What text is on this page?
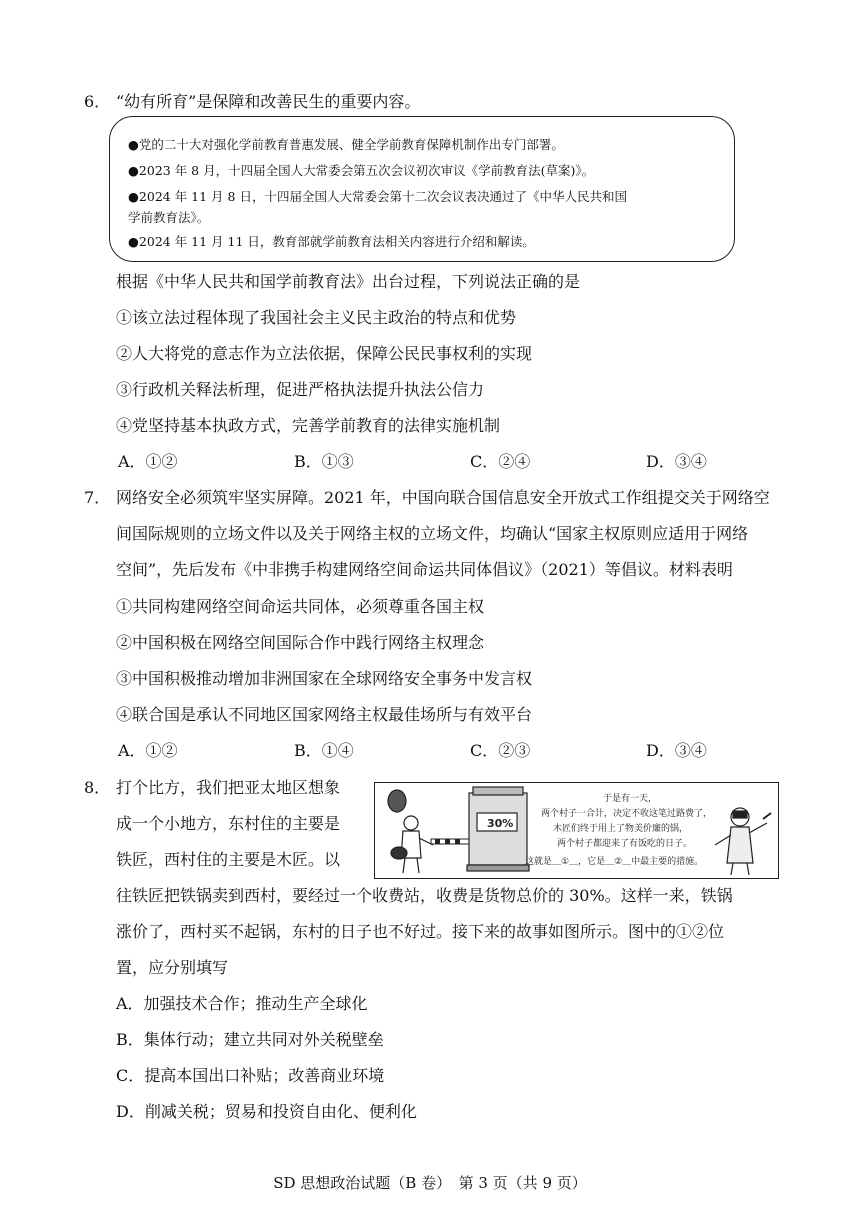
6． “幼有所育”是保障和改善民生的重要内容。
●党的二十大对强化学前教育普惠发展、健全学前教育保障机制作出专门部署。
●2023 年 8 月，十四届全国人大常委会第五次会议初次审议《学前教育法(草案)》。
●2024 年 11 月 8 日，十四届全国人大常委会第十二次会议表决通过了《中华人民共和国
学前教育法》。
●2024 年 11 月 11 日，教育部就学前教育法相关内容进行介绍和解读。
根据《中华人民共和国学前教育法》出台过程，下列说法正确的是
①该立法过程体现了我国社会主义民主政治的特点和优势
②人大将党的意志作为立法依据，保障公民民事权利的实现
③行政机关释法析理，促进严格执法提升执法公信力
④党坚持基本执政方式，完善学前教育的法律实施机制
A．①②	B．①③	C．②④	D．③④
7． 网络安全必须筑牢坚实屏障。2021 年，中国向联合国信息安全开放式工作组提交关于网络空
间国际规则的立场文件以及关于网络主权的立场文件，均确认“国家主权原则应适用于网络
空间”，先后发布《中非携手构建网络空间命运共同体倡议》（2021）等倡议。材料表明
①共同构建网络空间命运共同体，必须尊重各国主权
②中国积极在网络空间国际合作中践行网络主权理念
③中国积极推动增加非洲国家在全球网络安全事务中发言权
④联合国是承认不同地区国家网络主权最佳场所与有效平台
A．①②	B．①④	C．②③	D．③④
8． 打个比方，我们把亚太地区想象
成一个小地方，东村住的主要是
铁匠，西村住的主要是木匠。以
30%
于是有一天，
两个村子一合计，决定不收这笔过路费了，
木匠们终于用上了物美价廉的锅，
两个村子都迎来了有饭吃的日子。
这就是＿①＿，它是＿②＿中最主要的措施。
往铁匠把铁锅卖到西村，要经过一个收费站，收费是货物总价的 30%。这样一来，铁锅
涨价了，西村买不起锅，东村的日子也不好过。接下来的故事如图所示。图中的①②位
置，应分别填写
A．加强技术合作；推动生产全球化
B．集体行动；建立共同对外关税壁垒
C．提高本国出口补贴；改善商业环境
D．削减关税；贸易和投资自由化、便利化
SD 思想政治试题（B 卷）　第 3 页（共 9 页）
